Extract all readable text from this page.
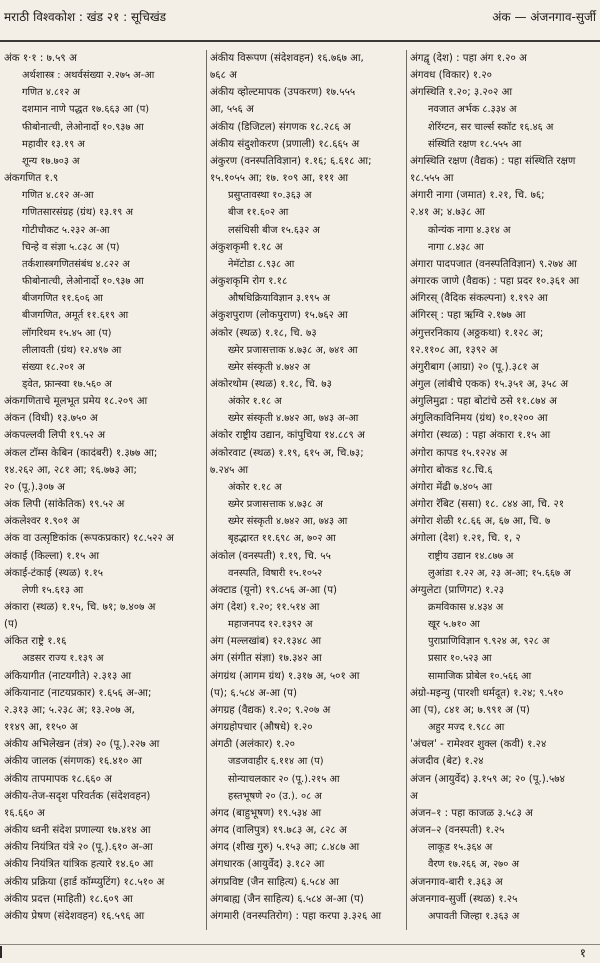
मराठी विश्वकोश : खंड २१ : सूचिखंड	अंक — अंजनगाव-सुर्जी
अंक १·१ : ७.५९ अ
अर्थशास्त्र : अथर्वसंख्या २.२७५ अ-आ
गणित ४.८१२ अ
दशमान नाणे पद्धत १७.६६३ आ (प)
फीबोनात्ची, लेओनार्दो १०.९३७ आ
महावीर १३.१९ अ
शून्य १७.७०३ अ
अंकगणित १.९
गणित ४.८१२ अ-आ
गणितसारसंग्रह (ग्रंथ) १३.१९ अ
गोटीचौकट ५.२३२ अ-आ
चिन्हे व संज्ञा ५.८३८ अ (प)
तर्कशास्त्रगणितसंबंध ४.८२२ अ
फीबोनात्ची, लेओनार्दो १०.९३७ आ
बीजगणित ११.६०६ आ
बीजगणित, अमूर्त ११.६१९ आ
लॉगरिथम १५.४५ आ (प)
लीलावती (ग्रंथ) १२.४९७ आ
संख्या १८.२०१ अ
ड्वेत, फ्रान्स्वा १७.५६० अ
अंकगणिताचे मूलभूत प्रमेय १८.२०९ आ
अंकन (विधी) १३.७५० अ
अंकपल्लवी लिपी १९.५२ अ
अंकल टॉम्स केबिन (कादंबरी) १.३७७ आ;
१४.२६२ आ, २८१ आ; १६.७७३ आ;
२० (पू.).३०७ अ
अंक लिपी (सांकेतिक) १९.५२ अ
अंकलेश्वर १.९०१ अ
अंक वा उत्सृष्टिकांक (रूपकप्रकार) १८.५२२ अ
अंकाई (किल्ला) १.१५ आ
अंकाई-टंकाई (स्थळ) १.१५
लेणी १५.६१३ आ
अंकारा (स्थळ) १.१५, चि. ७१; ७.४०७ अ
(प)
अंकित राष्ट्रे १.१६
अडसर राज्य १.१३९ अ
अंकियागीत (नाटयगीते) २.३१३ आ
अंकियानाट (नाटयप्रकार) १.६५६ अ-आ;
२.३१३ आ; ५.२३८ अ; १३.२०७ अ,
११४९ आ, ११५० अ
अंकीय अभिलेखन (तंत्र) २० (पू.).२२७ आ
अंकीय जालक (संगणक) १६.४१० आ
अंकीय तापमापक १८.६६० अ
अंकीय-तेज-सदृश परिवर्तक (संदेशवहन)
१६.६६० अ
अंकीय ध्वनी संदेश प्रणाल्या १७.४१४ आ
अंकीय नियंत्रित यंत्रे २० (पू.).६१० अ-आ
अंकीय नियंत्रित यांत्रिक हत्यारे १४.६० आ
अंकीय प्रक्रिया (हार्ड कॉम्प्युटिंग) १८.५१० अ
अंकीय प्रदत्त (माहिती) १८.६०९ आ
अंकीय प्रेषण (संदेशवहन) १६.५९६ आ
अंकीय विरूपण (संदेशवहन) १६.७६७ आ,
७६८ अ
अंकीय व्होल्टमापक (उपकरण) १७.५५५
आ, ५५६ अ
अंकीय (डिजिटल) संगणक १८.२८६ अ
अंकीय संदुशोकरण (प्रणाली) १८.६६५ अ
अंकुरण (वनस्पतिविज्ञान) १.१६; ६.६१८ आ;
१५.१०५५ आ; १७. १०९ आ, १११ आ
प्रसुप्तावस्था १०.३६३ अ
बीज ११.६०२ आ
लसंधिसी बीज १५.६३२ अ
अंकुशकृमी १.१८ अ
नेमॅटोडा ८.९३८ आ
अंकुशकृमि रोग १.१८
औषधिक्रियाविज्ञान ३.१९५ अ
अंकुशपुराण (लोकपुराण) १५.७६२ आ
अंकोर (स्थळ) १.१८, चि. ७३
ख्मेर प्रजासत्ताक ४.७३८ अ, ७४१ आ
ख्मेर संस्कृती ४.७४२ अ
अंकोरथोम (स्थळ) १.१८, चि. ७३
अंकोर १.१८ अ
ख्मेर संस्कृती ४.७४२ आ, ७४३ अ-आ
अंकोर राष्ट्रीय उद्यान, कांपुचिया १४.८८९ अ
अंकोरवाट (स्थळ) १.१९, ६१५ अ, चि.७३;
७.२४५ आ
अंकोर १.१८ अ
ख्मेर प्रजासत्ताक ४.७३८ अ
ख्मेर संस्कृती ४.७४२ आ, ७४३ आ
बृहद्भारत ११.६९८ अ, ७०२ आ
अंकोल (वनस्पती) १.१९, चि. ५५
वनस्पति, विषारी १५.१०५२
अंक्टाड (यूनो) १९.८५६ अ-आ (प)
अंग (देश) १.२०; ११.५१४ आ
महाजनपद १२.१३९२ अ
अंग (मल्लखांब) १२.१३४८ आ
अंग (संगीत संज्ञा) १७.३४२ आ
अंगग्रंथ (आगम ग्रंथ) १.३१७ अ, ५०१ आ
(प); ६.५८४ अ-आ (प)
अंगग्रह (वैद्यक) १.२०; ९.२०७ अ
अंगग्रहोपचार (औषधे) १.२०
अंगठी (अलंकार) १.२०
जडजवाहीर ६.११४ आ (प)
सोन्याचलकार २० (पू.).२१५ आ
हस्तभूषणे २० (उ.). ०८ अ
अंगद (बाहुभूषण) १९.५३४ आ
अंगद (वालिपुत्र) १९.७८३ अ, ८२८ अ
अंगद (शीख गुरु) ५.१५३ आ; ८.४८७ आ
अंगधारक (आयुर्वेद) ३.१८२ आ
अंगप्रविष्ट (जैन साहित्य) ६.५८४ आ
अंगबाह्य (जैन साहित्य) ६.५८४ अ-आ (प)
अंगमारी (वनस्पतिरोग) : पहा करपा ३.३२६ आ
अंगद्वृ (देश) : पहा अंग १.२० अ
अंगवध (विकार) १.२०
अंगस्थिति १.२०; ३.२०२ आ
नवजात अर्भक ८.३३४ अ
शेरिंग्टन, सर चार्ल्स स्कॉट १६.४६ अ
संस्थिति रक्षण १८.५५५ आ
अंगस्थिति रक्षण (वैद्यक) : पहा संस्थिति रक्षण
१८.५५५ आ
अंगारी नागा (जमात) १.२१, चि. ७६;
२.४१ अ; ४.७३८ आ
कोन्यंक नागा ४.३१४ अ
नागा ८.४३८ आ
अंगारा पादपजात (वनस्पतिविज्ञान) ९.२७४ आ
अंगारक जाणे (वैद्यक) : पहा प्रदर १०.३६१ आ
अंगिरस् (वैदिक संकल्पना) १.१९२ आ
अंगिरस् : पहा ऋग्वि २.१७७ आ
अंगुत्तरनिकाय (अठ्ठकथा) १.१२८ अ;
१२.११०८ आ, १३९२ अ
अंगुरीबाग (आग्रा) २० (पू.).३८१ अ
अंगुल (लांबीचे एकक) १५.३५१ अ, ३५८ अ
अंगुलिमुद्रा : पहा बोटांचे ठसे ११.८७४ अ
अंगुलिकाविनिमय (ग्रंथ) १०.१२०० आ
अंगोरा (स्थळ) : पहा अंकारा १.१५ आ
अंगोरा कापड १५.१२२४ अ
अंगोरा बोकड १८.चि.६
अंगोरा मेंढी ७.४०५ आ
अंगोरा रॅबिट (ससा) १८. ८४४ आ, चि. २१
अंगोरा शेळी १८.६६ अ, ६७ आ, चि. ७
अंगोला (देश) १.२१, चि. १, २
राष्ट्रीय उद्यान १४.८७७ अ
लुआंडा १.२२ अ, २३ अ-आ; १५.६६७ अ
अंग्युलेटा (प्राणिगट) १.२३
क्रमविकास ४.४३४ अ
खूर ५.७१० आ
पुराप्राणिविज्ञान ९.९२४ अ, ९२८ अ
प्रसार १०.५२३ आ
सामाजिक प्रोबेल १०.५६६ आ
अंग्रो-मइन्यु (पारशी धर्मदूत) १.२४; ९.५१०
आ (प), ८४१ अ; ७.९९१ अ (प)
अहुर मज्द १.९८८ आ
'अंचल' - रामेश्वर शुक्ल (कवी) १.२४
अंजदीव (बेट) १.२४
अंजन (आयुर्वेद) ३.१५९ अ; २० (पू.).५७४
अ
अंजन–१ : पहा काजळ ३.५८३ अ
अंजन–२ (वनस्पती) १.२५
लाकूड १५.३६४ अ
वैरण १७.२६६ अ, २७० अ
अंजनगाव-बारी १.३६३ अ
अंजनगाव-सुर्जी (स्थळ) १.२५
अपावती जिल्हा १.३६३ अ
१
